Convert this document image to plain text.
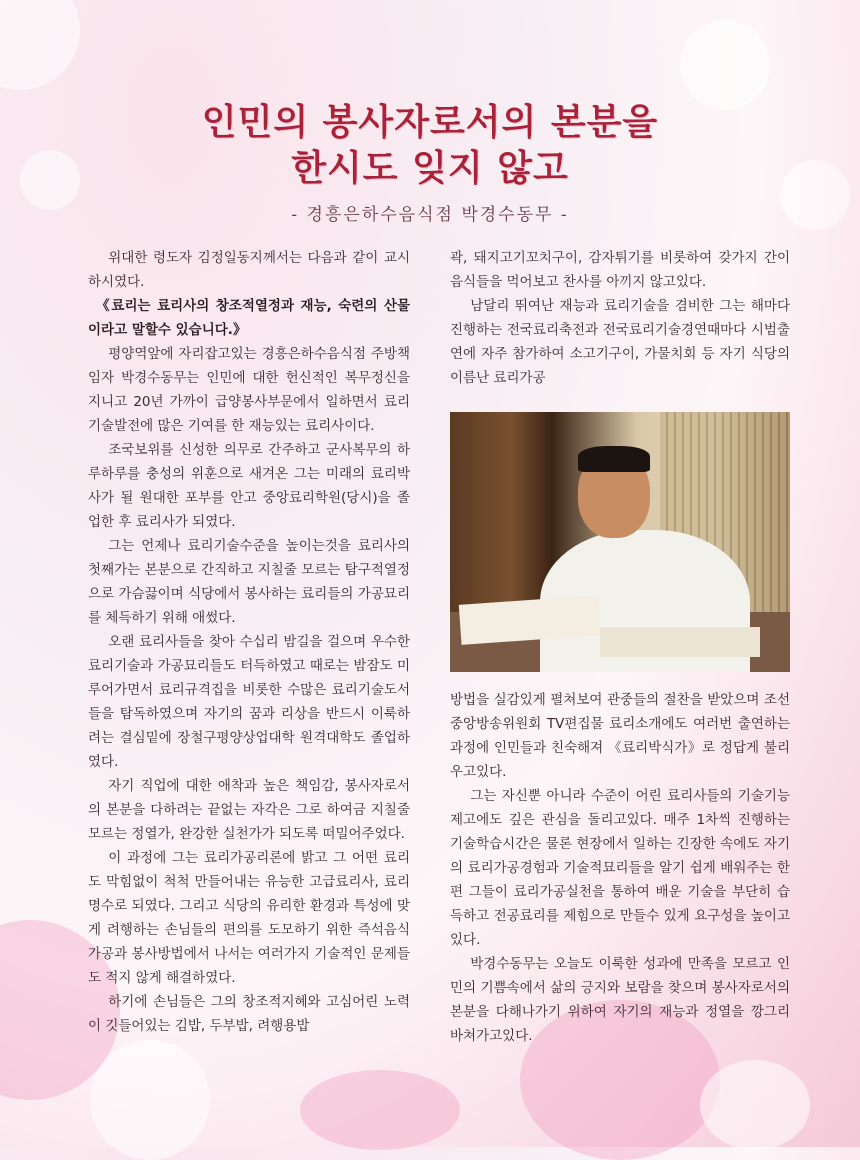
인민의 봉사자로서의 본분을
한시도 잊지 않고
- 경흥은하수음식점 박경수동무 -

위대한 령도자 김정일동지께서는 다음과 같이 교시하시였다.

《료리는 료리사의 창조적열정과 재능, 숙련의 산물이라고 말할수 있습니다.》

평양역앞에 자리잡고있는 경흥은하수음식점 주방책임자 박경수동무는 인민에 대한 헌신적인 복무정신을 지니고 20년 가까이 급양봉사부문에서 일하면서 료리기술발전에 많은 기여를 한 재능있는 료리사이다.

조국보위를 신성한 의무로 간주하고 군사복무의 하루하루를 충성의 위훈으로 새겨온 그는 미래의 료리박사가 될 원대한 포부를 안고 중앙료리학원(당시)을 졸업한 후 료리사가 되였다.

그는 언제나 료리기술수준을 높이는것을 료리사의 첫째가는 본분으로 간직하고 지칠줄 모르는 탐구적열정으로 가슴끓이며 식당에서 봉사하는 료리들의 가공묘리를 체득하기 위해 애썼다.

오랜 료리사들을 찾아 수십리 밤길을 걸으며 우수한 료리기술과 가공묘리들도 터득하였고 때로는 밤잠도 미루어가면서 료리규격집을 비롯한 수많은 료리기술도서들을 탐독하였으며 자기의 꿈과 리상을 반드시 이룩하려는 결심밑에 장철구평양상업대학 원격대학도 졸업하였다.

자기 직업에 대한 애착과 높은 책임감, 봉사자로서의 본분을 다하려는 끝없는 자각은 그로 하여금 지칠줄 모르는 정열가, 완강한 실천가가 되도록 떠밀어주었다.

이 과정에 그는 료리가공리론에 밝고 그 어떤 료리도 막힘없이 척척 만들어내는 유능한 고급료리사, 료리명수로 되였다. 그리고 식당의 유리한 환경과 특성에 맞게 려행하는 손님들의 편의를 도모하기 위한 즉석음식가공과 봉사방법에서 나서는 여러가지 기술적인 문제들도 적지 않게 해결하였다.

하기에 손님들은 그의 창조적지혜와 고심어린 노력이 깃들어있는 김밥, 두부밥, 려행용밥

곽, 돼지고기꼬치구이, 감자튀기를 비롯하여 갖가지 간이음식들을 먹어보고 찬사를 아끼지 않고있다.

남달리 뛰여난 재능과 료리기술을 겸비한 그는 해마다 진행하는 전국료리축전과 전국료리기술경연때마다 시범출연에 자주 참가하여 소고기구이, 가물치회 등 자기 식당의 이름난 료리가공

방법을 실감있게 펼쳐보여 관중들의 절찬을 받았으며 조선중앙방송위원회 TV편집물 료리소개에도 여러번 출연하는 과정에 인민들과 친숙해져 《료리박식가》로 정답게 불리우고있다.

그는 자신뿐 아니라 수준이 어린 료리사들의 기술기능제고에도 깊은 관심을 돌리고있다. 매주 1차씩 진행하는 기술학습시간은 물론 현장에서 일하는 긴장한 속에도 자기의 료리가공경험과 기술적묘리들을 알기 쉽게 배워주는 한편 그들이 료리가공실천을 통하여 배운 기술을 부단히 습득하고 전공료리를 제힘으로 만들수 있게 요구성을 높이고있다.

박경수동무는 오늘도 이룩한 성과에 만족을 모르고 인민의 기쁨속에서 삶의 긍지와 보람을 찾으며 봉사자로서의 본분을 다해나가기 위하여 자기의 재능과 정열을 깡그리 바쳐가고있다.
